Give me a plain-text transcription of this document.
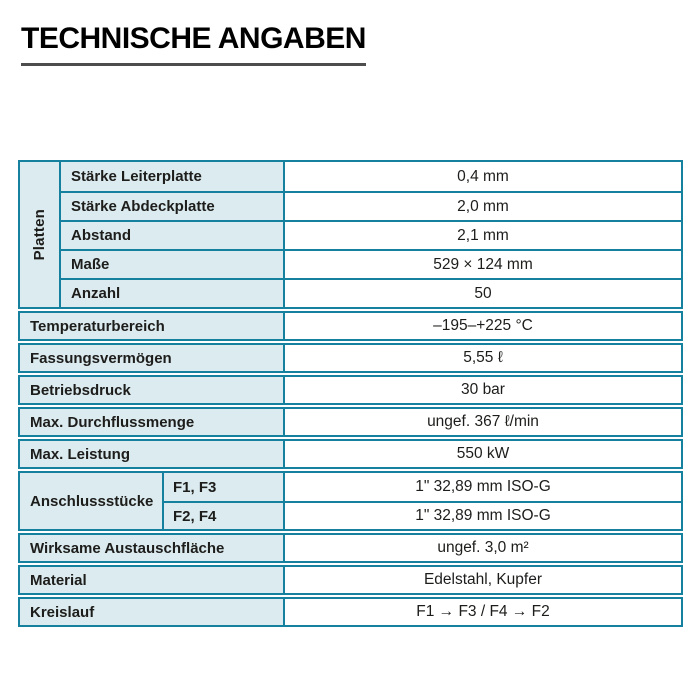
TECHNISCHE ANGABEN
Platten
Stärke Leiterplatte	0,4 mm
Stärke Abdeckplatte	2,0 mm
Abstand	2,1 mm
Maße	529 × 124 mm
Anzahl	50
Temperaturbereich	–195–+225 °C
Fassungsvermögen	5,55 ℓ
Betriebsdruck	30 bar
Max. Durchflussmenge	ungef. 367 ℓ/min
Max. Leistung	550 kW
Anschlussstücke
F1, F3	1" 32,89 mm ISO-G
F2, F4	1" 32,89 mm ISO-G
Wirksame Austauschfläche	ungef. 3,0 m²
Material	Edelstahl, Kupfer
Kreislauf	F1 → F3 / F4 → F2
